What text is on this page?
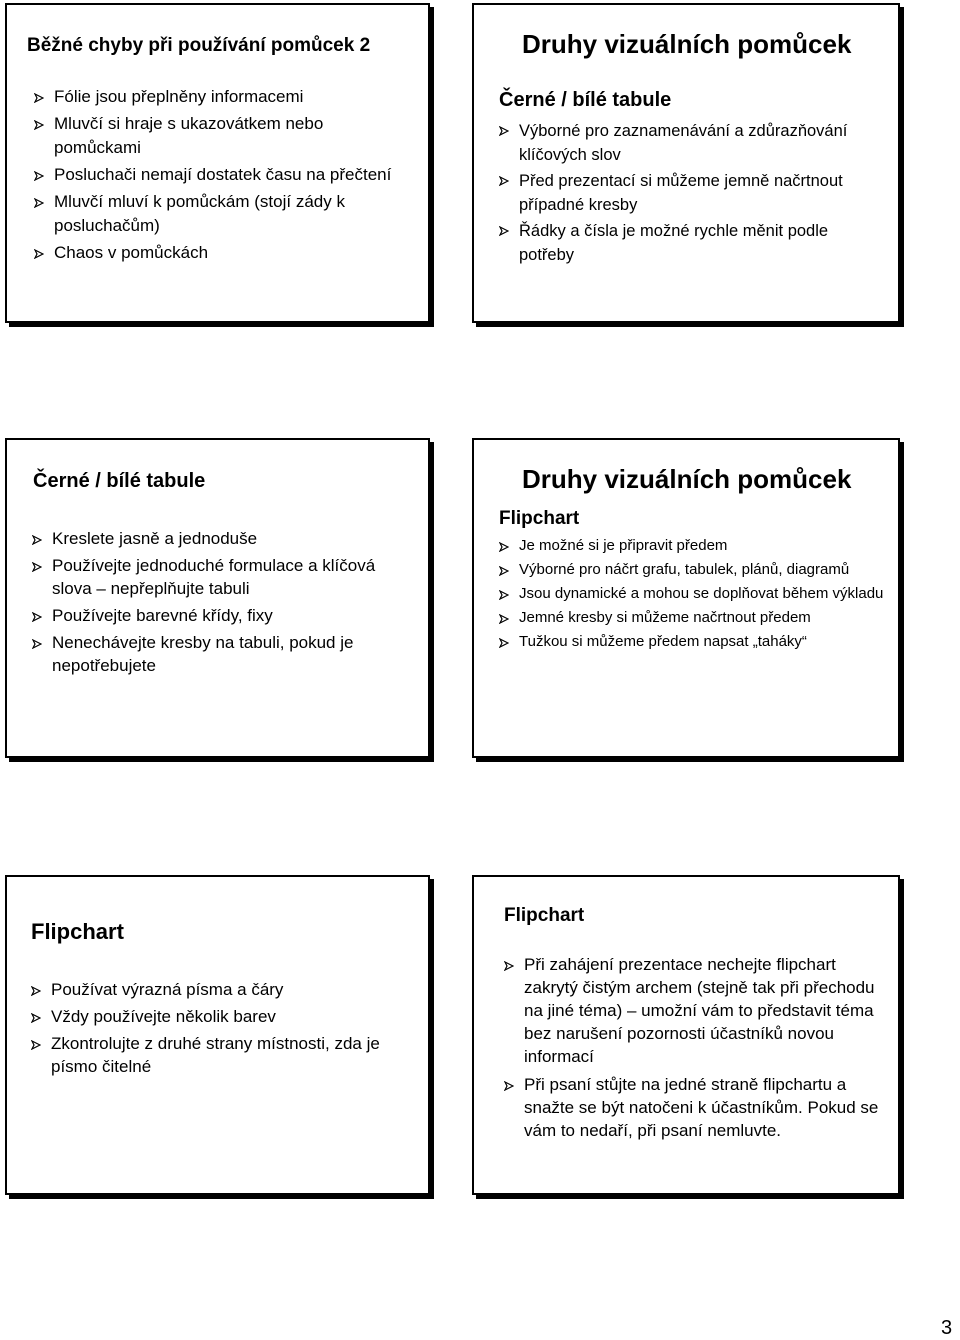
Běžné chyby při používání pomůcek 2
Fólie jsou přeplněny informacemi
Mluvčí si hraje s ukazovátkem nebo pomůckami
Posluchači nemají dostatek času na přečtení
Mluvčí mluví k pomůckám (stojí zády k posluchačům)
Chaos v pomůckách
Druhy vizuálních pomůcek
Černé / bílé tabule
Výborné pro zaznamenávání a zdůrazňování klíčových slov
Před prezentací si můžeme jemně načrtnout případné kresby
Řádky a čísla je možné rychle měnit podle potřeby
Černé / bílé tabule
Kreslete jasně a jednoduše
Používejte jednoduché formulace a klíčová slova – nepřeplňujte tabuli
Používejte barevné křídy, fixy
Nenechávejte kresby na tabuli, pokud je nepotřebujete
Druhy vizuálních pomůcek
Flipchart
Je možné si je připravit předem
Výborné pro náčrt grafu, tabulek, plánů, diagramů
Jsou dynamické a mohou se doplňovat během výkladu
Jemné kresby si můžeme načrtnout předem
Tužkou si můžeme předem napsat „taháky“
Flipchart
Používat výrazná písma a čáry
Vždy používejte několik barev
Zkontrolujte z druhé strany místnosti, zda je písmo čitelné
Flipchart
Při zahájení prezentace nechejte flipchart zakrytý čistým archem (stejně tak při přechodu na jiné téma) – umožní vám to představit téma bez narušení pozornosti účastníků novou informací
Při psaní stůjte na jedné straně flipchartu a snažte se být natočeni k účastníkům. Pokud se vám to nedaří, při psaní nemluvte.
3
